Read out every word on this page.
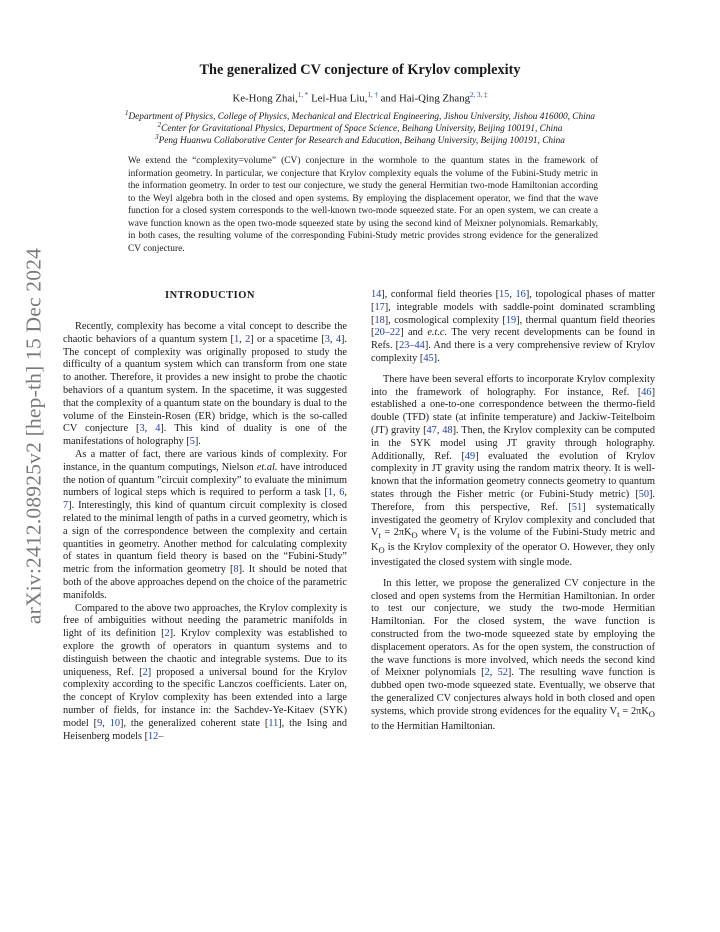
arXiv:2412.08925v2 [hep-th] 15 Dec 2024
The generalized CV conjecture of Krylov complexity
Ke-Hong Zhai,$^{1, *}$ Lei-Hua Liu,$^{1, \dagger}$ and Hai-Qing Zhang$^{2, 3, \ddagger}$
$^1$Department of Physics, College of Physics, Mechanical and Electrical Engineering, Jishou University, Jishou 416000, China
$^2$Center for Gravitational Physics, Department of Space Science, Beihang University, Beijing 100191, China
$^3$Peng Huanwu Collaborative Center for Research and Education, Beihang University, Beijing 100191, China
We extend the “complexity=volume” (CV) conjecture in the wormhole to the quantum states in the framework of information geometry. In particular, we conjecture that Krylov complexity equals the volume of the Fubini-Study metric in the information geometry. In order to test our conjecture, we study the general Hermitian two-mode Hamiltonian according to the Weyl algebra both in the closed and open systems. By employing the displacement operator, we find that the wave function for a closed system corresponds to the well-known two-mode squeezed state. For an open system, we can create a wave function known as the open two-mode squeezed state by using the second kind of Meixner polynomials. Remarkably, in both cases, the resulting volume of the corresponding Fubini-Study metric provides strong evidence for the generalized CV conjecture.
INTRODUCTION

Recently, complexity has become a vital concept to describe the chaotic behaviors of a quantum system [1, 2] or a spacetime [3, 4]. The concept of complexity was originally proposed to study the difficulty of a quantum system which can transform from one state to another. Therefore, it provides a new insight to probe the chaotic behaviors of a quantum system. In the spacetime, it was suggested that the complexity of a quantum state on the boundary is dual to the volume of the Einstein-Rosen (ER) bridge, which is the so-called CV conjecture [3, 4]. This kind of duality is one of the manifestations of holography [5].

As a matter of fact, there are various kinds of complexity. For instance, in the quantum computings, Nielson et.al. have introduced the notion of quantum ”circuit complexity” to evaluate the minimum numbers of logical steps which is required to perform a task [1, 6, 7]. Interestingly, this kind of quantum circuit complexity is closed related to the minimal length of paths in a curved geometry, which is a sign of the correspondence between the complexity and certain quantities in geometry. Another method for calculating complexity of states in quantum field theory is based on the “Fubini-Study” metric from the information geometry [8]. It should be noted that both of the above approaches depend on the choice of the parametric manifolds.

Compared to the above two approaches, the Krylov complexity is free of ambiguities without needing the parametric manifolds in light of its definition [2]. Krylov complexity was established to explore the growth of operators in quantum systems and to distinguish between the chaotic and integrable systems. Due to its uniqueness, Ref. [2] proposed a universal bound for the Krylov complexity according to the specific Lanczos coefficients. Later on, the concept of Krylov complexity has been extended into a large number of fields, for instance in: the Sachdev-Ye-Kitaev (SYK) model [9, 10], the generalized coherent state [11], the Ising and Heisenberg models [12–

14], conformal field theories [15, 16], topological phases of matter [17], integrable models with saddle-point dominated scrambling [18], cosmological complexity [19], thermal quantum field theories [20–22] and e.t.c. The very recent developments can be found in Refs. [23–44]. And there is a very comprehensive review of Krylov complexity [45].

There have been several efforts to incorporate Krylov complexity into the framework of holography. For instance, Ref. [46] established a one-to-one correspondence between the thermo-field double (TFD) state (at infinite temperature) and Jackiw-Teitelboim (JT) gravity [47, 48]. Then, the Krylov complexity can be computed in the SYK model using JT gravity through holography. Additionally, Ref. [49] evaluated the evolution of Krylov complexity in JT gravity using the random matrix theory. It is well-known that the information geometry connects geometry to quantum states through the Fisher metric (or Fubini-Study metric) [50]. Therefore, from this perspective, Ref. [51] systematically investigated the geometry of Krylov complexity and concluded that $V_t = 2\pi K_O$ where $V_t$ is the volume of the Fubini-Study metric and $K_O$ is the Krylov complexity of the operator O. However, they only investigated the closed system with single mode.

In this letter, we propose the generalized CV conjecture in the closed and open systems from the Hermitian Hamiltonian. In order to test our conjecture, we study the two-mode Hermitian Hamiltonian. For the closed system, the wave function is constructed from the two-mode squeezed state by employing the displacement operators. As for the open system, the construction of the wave functions is more involved, which needs the second kind of Meixner polynomials [2, 52]. The resulting wave function is dubbed open two-mode squeezed state. Eventually, we observe that the generalized CV conjectures always hold in both closed and open systems, which provide strong evidences for the equality $V_t = 2\pi K_O$ to the Hermitian Hamiltonian.
